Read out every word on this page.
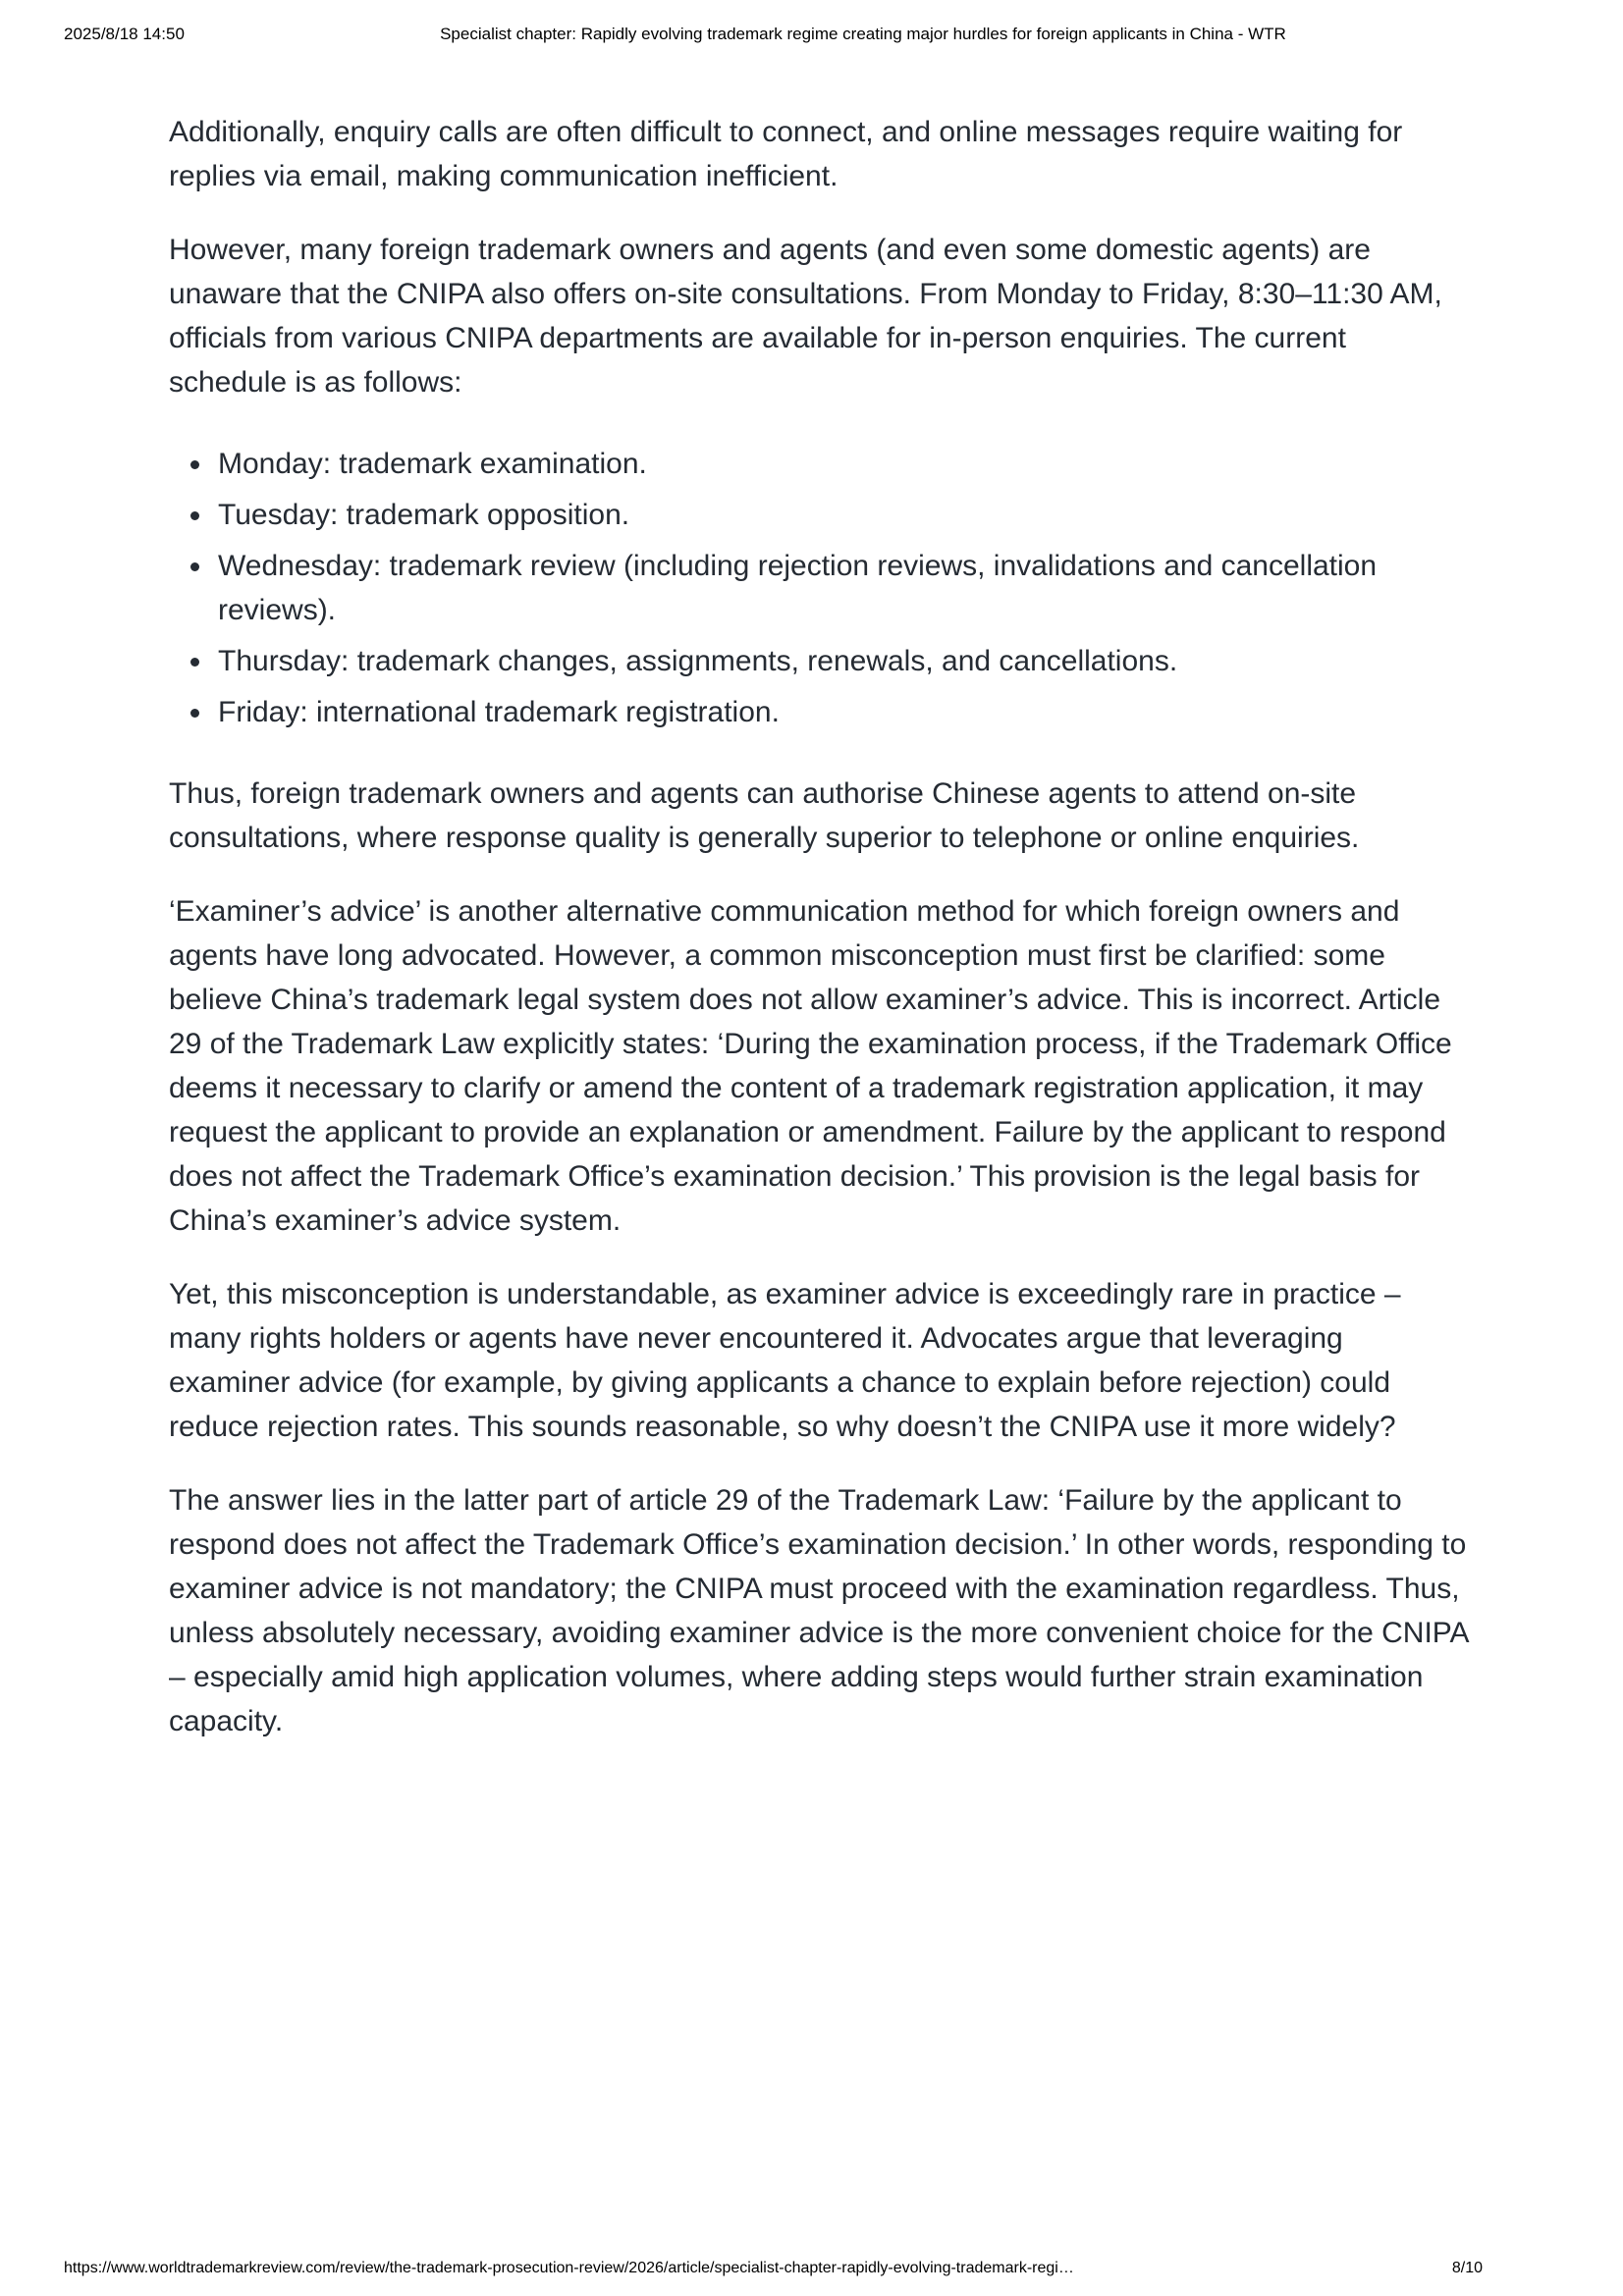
2025/8/18 14:50	Specialist chapter: Rapidly evolving trademark regime creating major hurdles for foreign applicants in China - WTR

Additionally, enquiry calls are often difficult to connect, and online messages require waiting for replies via email, making communication inefficient.

However, many foreign trademark owners and agents (and even some domestic agents) are unaware that the CNIPA also offers on-site consultations. From Monday to Friday, 8:30–11:30 AM, officials from various CNIPA departments are available for in-person enquiries. The current schedule is as follows:

• Monday: trademark examination.
• Tuesday: trademark opposition.
• Wednesday: trademark review (including rejection reviews, invalidations and cancellation reviews).
• Thursday: trademark changes, assignments, renewals, and cancellations.
• Friday: international trademark registration.

Thus, foreign trademark owners and agents can authorise Chinese agents to attend on-site consultations, where response quality is generally superior to telephone or online enquiries.

‘Examiner’s advice’ is another alternative communication method for which foreign owners and agents have long advocated. However, a common misconception must first be clarified: some believe China’s trademark legal system does not allow examiner’s advice. This is incorrect. Article 29 of the Trademark Law explicitly states: ‘During the examination process, if the Trademark Office deems it necessary to clarify or amend the content of a trademark registration application, it may request the applicant to provide an explanation or amendment. Failure by the applicant to respond does not affect the Trademark Office’s examination decision.’ This provision is the legal basis for China’s examiner’s advice system.

Yet, this misconception is understandable, as examiner advice is exceedingly rare in practice – many rights holders or agents have never encountered it. Advocates argue that leveraging examiner advice (for example, by giving applicants a chance to explain before rejection) could reduce rejection rates. This sounds reasonable, so why doesn’t the CNIPA use it more widely?

The answer lies in the latter part of article 29 of the Trademark Law: ‘Failure by the applicant to respond does not affect the Trademark Office’s examination decision.’ In other words, responding to examiner advice is not mandatory; the CNIPA must proceed with the examination regardless. Thus, unless absolutely necessary, avoiding examiner advice is the more convenient choice for the CNIPA – especially amid high application volumes, where adding steps would further strain examination capacity.

https://www.worldtrademarkreview.com/review/the-trademark-prosecution-review/2026/article/specialist-chapter-rapidly-evolving-trademark-regi…	8/10
